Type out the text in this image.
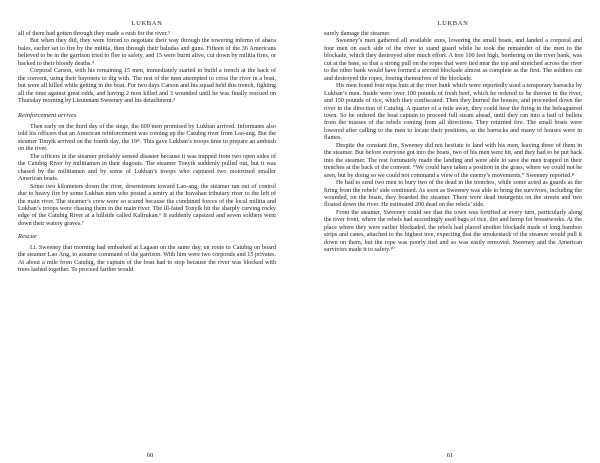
LUKBAN

all of them had gotten through they made a rush for the river.³

But when they did, they were forced to negotiate their way through the towering inferno of abaca bales, earlier set to fire by the militia, then through their baludas and guns. Fifteen of the 36 Americans believed to be in the garrison tried to flee to safety, and 15 were burnt alive, cut down by militia fires, or hacked to their bloody deaths.⁴

Corporal Carson, with his remaining 15 men, immediately started to build a trench at the back of the convent, using their bayonets to dig with. The rest of the men attempted to cross the river in a boat, but were all killed while getting in the boat. For two days Carson and his squad held this trench, fighting all the time against great odds, and having 2 men killed and 3 wounded until he was finally rescued on Thursday morning by Lieutenant Sweeney and his detachment.⁵

Reinforcement arrives

Then early on the third day of the siege, the 600 men promised by Lukban arrived. Informants also told his officers that an American reinforcement was coming up the Catubig river from Lao-ang. But the steamer Tonyik arrived on the fourth day, the 19ᵗʰ. This gave Lukban’s troops time to prepare an ambush on the river.

The officers in the steamer probably sensed disaster because it was trapped from two open sides of the Catubig River by militiamen in their dugouts. The steamer Tonyik suddenly pulled out, but it was chased by the militiamen and by some of Lukban’s troops who captured two motorized smaller American boats.

Some two kilometers down the river, downstream toward Lao-ang, the steamer ran out of control due to heavy fire by some Lukban men who posted a sentry at the Iravahan tributary river to the left of the main river. The steamer’s crew were so scared because the combined forces of the local militia and Lukban’s troops were chasing them in the main river. The ill-fated Tonyik hit the sharply curving rocky edge of the Catubig River at a hillside called Kalirukan.⁶ It suddenly capsized and seven soldiers went down their watery graves.⁷

Rescue

Lt. Sweeney that morning had embarked at Lagaan on the same day, en route to Catubig on board the steamer Lao Ang, to assume command of the garrison. With him were two corporals and 15 privates. At about a mile from Catubig, the captain of the boat had to stop because the river was blocked with trees lashed together. To proceed farther would

60
LUKBAN

surely damage the steamer.

Sweeney’s men gathered all available axes, lowering the small boats, and landed a corporal and four men on each side of the river to stand guard while he took the remainder of the men to the blockade, which they destroyed after much effort. A tree 100 feet high, bordering on the river bank, was cut at the base, so that a strong pull on the ropes that were tied near the top and stretched across the river to the other bank would have formed a second blockade almost as complete as the first. The soldiers cut and destroyed the ropes, freeing themselves of the blockade.

His men found four nipa huts at the river bank which were reportedly used a temporary barracks by Lukban’s men. Inside were over 100 pounds of fresh beef, which he ordered to be thrown in the river, and 150 pounds of rice, which they confiscated. Then they burned the houses, and proceeded down the river in the direction of Catubig. A quarter of a mile away, they could hear the firing in the beleaguered town. So he ordered the boat captain to proceed full steam ahead, until they ran into a hail of bullets from the masses of the rebels coming from all directions. They returned fire. The small boats were lowered after calling to the men to locate their positions, as the barracks and many of houses were in flames.

Despite the constant fire, Sweeney did not hesitate to land with his men, leaving three of them in the steamer. But before everyone got into the boats, two of his men were hit, and they had to be put back into the steamer. The rest fortunately made the landing and were able to save the men trapped in their trenches at the back of the convent. “We could have taken a position in the grass, where we could not be seen, but by doing so we could not command a view of the enemy’s movements,” Sweeney reported.⁸

He had to send two men to bury two of the dead in the trenches, while some acted as guards as the firing from the rebels’ side continued. As soon as Sweeney was able to bring the survivors, including the wounded, on the boats, they boarded the steamer. There were dead insurgents on the streets and two floated down the river. He estimated 200 dead on the rebels’ side.

From the steamer, Sweeney could see that the town was fortified at every turn, particularly along the river front, where the rebels had accordingly used bags of rice, dirt and hemp for breastworks. At the place where they were earlier blockaded, the rebels had placed another blockade made of long bamboo strips and canes, attached to the highest tree, expecting that the smokestack of the steamer would pull it down on them, but the rope was poorly tied and so was easily removed. Sweeney and the American survivors made it to safety.¹⁰

61
